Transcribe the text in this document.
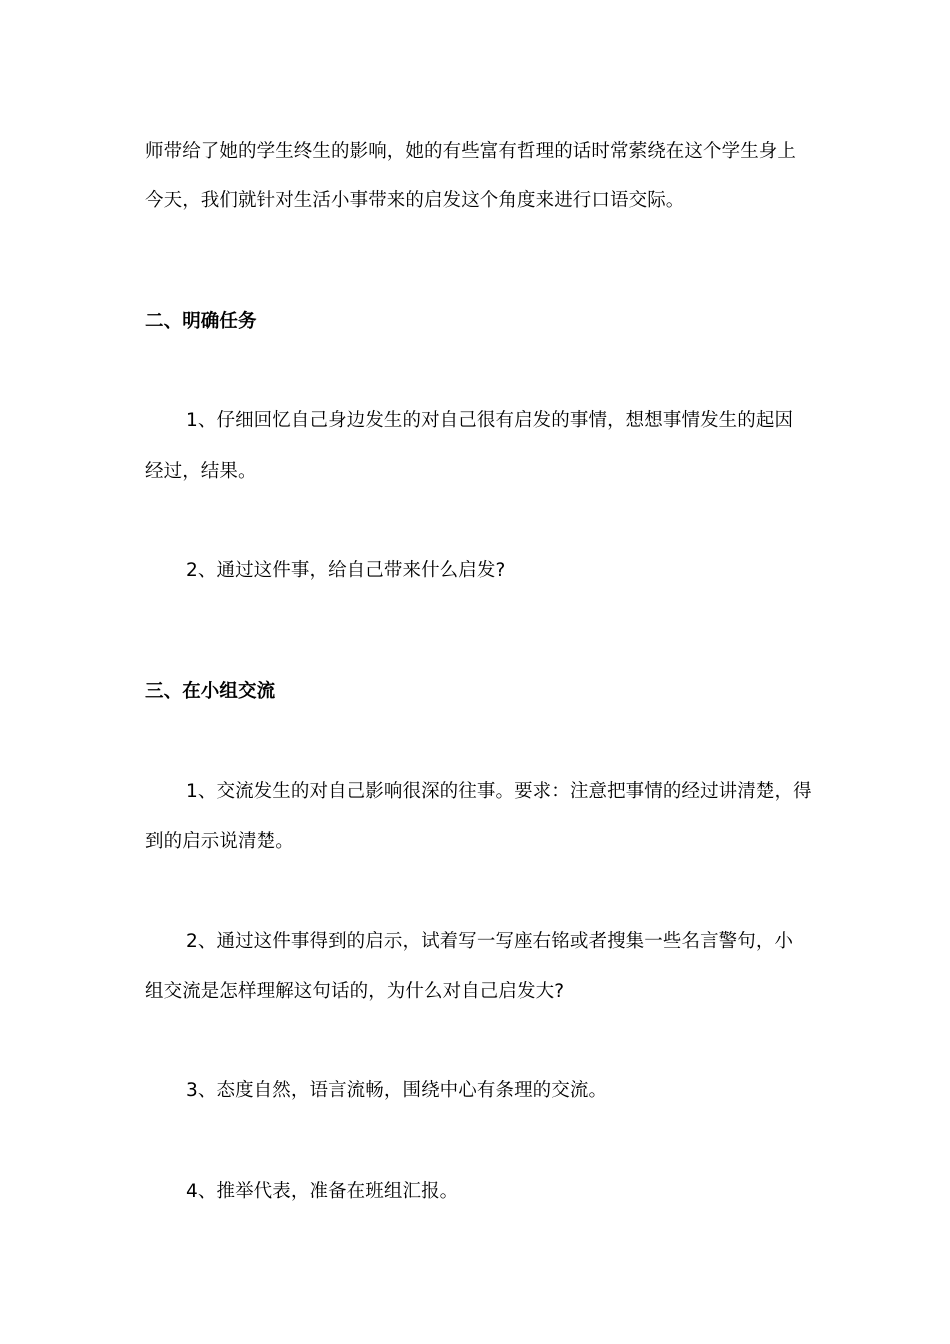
师带给了她的学生终生的影响，她的有些富有哲理的话时常萦绕在这个学生身上
今天，我们就针对生活小事带来的启发这个角度来进行口语交际。
二、明确任务
1、仔细回忆自己身边发生的对自己很有启发的事情，想想事情发生的起因
经过，结果。
2、通过这件事，给自己带来什么启发?
三、在小组交流
1、交流发生的对自己影响很深的往事。要求：注意把事情的经过讲清楚，得
到的启示说清楚。
2、通过这件事得到的启示，试着写一写座右铭或者搜集一些名言警句，小
组交流是怎样理解这句话的，为什么对自己启发大?
3、态度自然，语言流畅，围绕中心有条理的交流。
4、推举代表，准备在班组汇报。
